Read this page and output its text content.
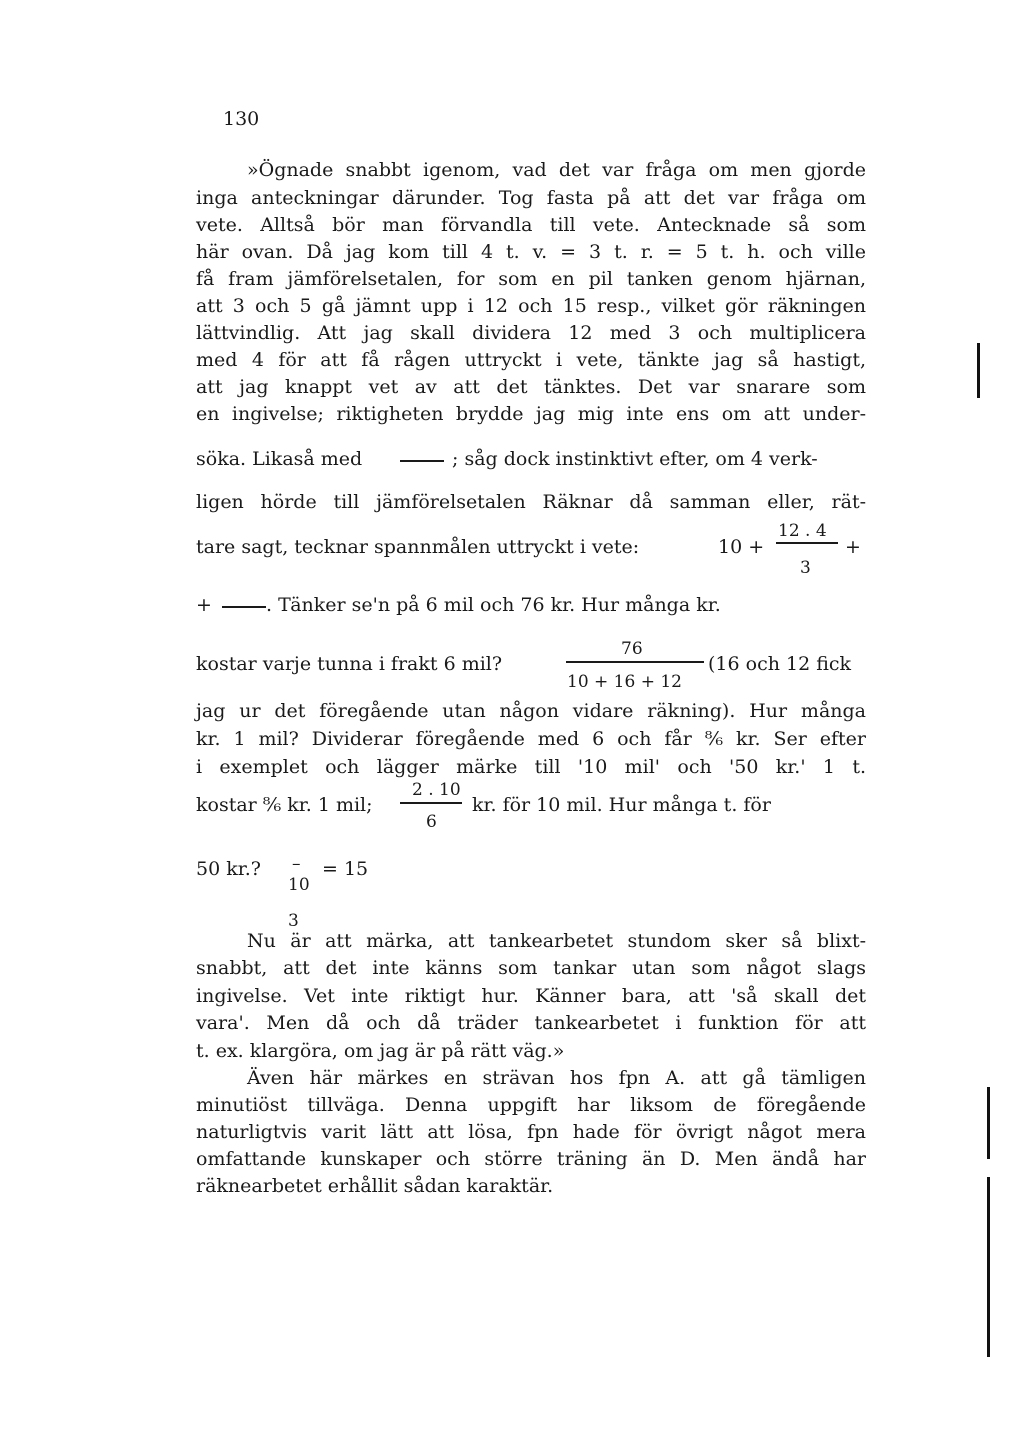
130
»Ögnade snabbt igenom, vad det var fråga om men gjorde
inga anteckningar därunder. Tog fasta på att det var fråga om
vete. Alltså bör man förvandla till vete. Antecknade så som
här ovan. Då jag kom till 4 t. v. = 3 t. r. = 5 t. h. och ville
få fram jämförelsetalen, for som en pil tanken genom hjärnan,
att 3 och 5 gå jämnt upp i 12 och 15 resp., vilket gör räkningen
lättvindlig. Att jag skall dividera 12 med 3 och multiplicera
med 4 för att få rågen uttryckt i vete, tänkte jag så hastigt,
att jag knappt vet av att det tänktes. Det var snarare som
en ingivelse; riktigheten brydde jag mig inte ens om att under-
söka. Likaså med	; såg dock instinktivt efter, om 4 verk-
ligen hörde till jämförelsetalen Räknar då samman eller, rät-
tare sagt, tecknar spannmålen uttryckt i vete:	10 +
12 . 4
3
+
+	. Tänker se'n på 6 mil och 76 kr. Hur många kr.
kostar varje tunna i frakt 6 mil?
76
10 + 16 + 12
(16 och 12 fick
jag ur det föregående utan någon vidare räkning). Hur många
kr. 1 mil? Dividerar föregående med 6 och får ⁸⁄₆ kr. Ser efter
i exemplet och lägger märke till '10 mil' och '50 kr.' 1 t.
kostar ⁸⁄₆ kr. 1 mil;
2 . 10
6
kr. för 10 mil. Hur många t. för
50 kr.? –
10
= 15
3
Nu är att märka, att tankearbetet stundom sker så blixt-
snabbt, att det inte känns som tankar utan som något slags
ingivelse. Vet inte riktigt hur. Känner bara, att 'så skall det
vara'. Men då och då träder tankearbetet i funktion för att
t. ex. klargöra, om jag är på rätt väg.»
Även här märkes en strävan hos fpn A. att gå tämligen
minutiöst tillväga. Denna uppgift har liksom de föregående
naturligtvis varit lätt att lösa, fpn hade för övrigt något mera
omfattande kunskaper och större träning än D. Men ändå har
räknearbetet erhållit sådan karaktär.
